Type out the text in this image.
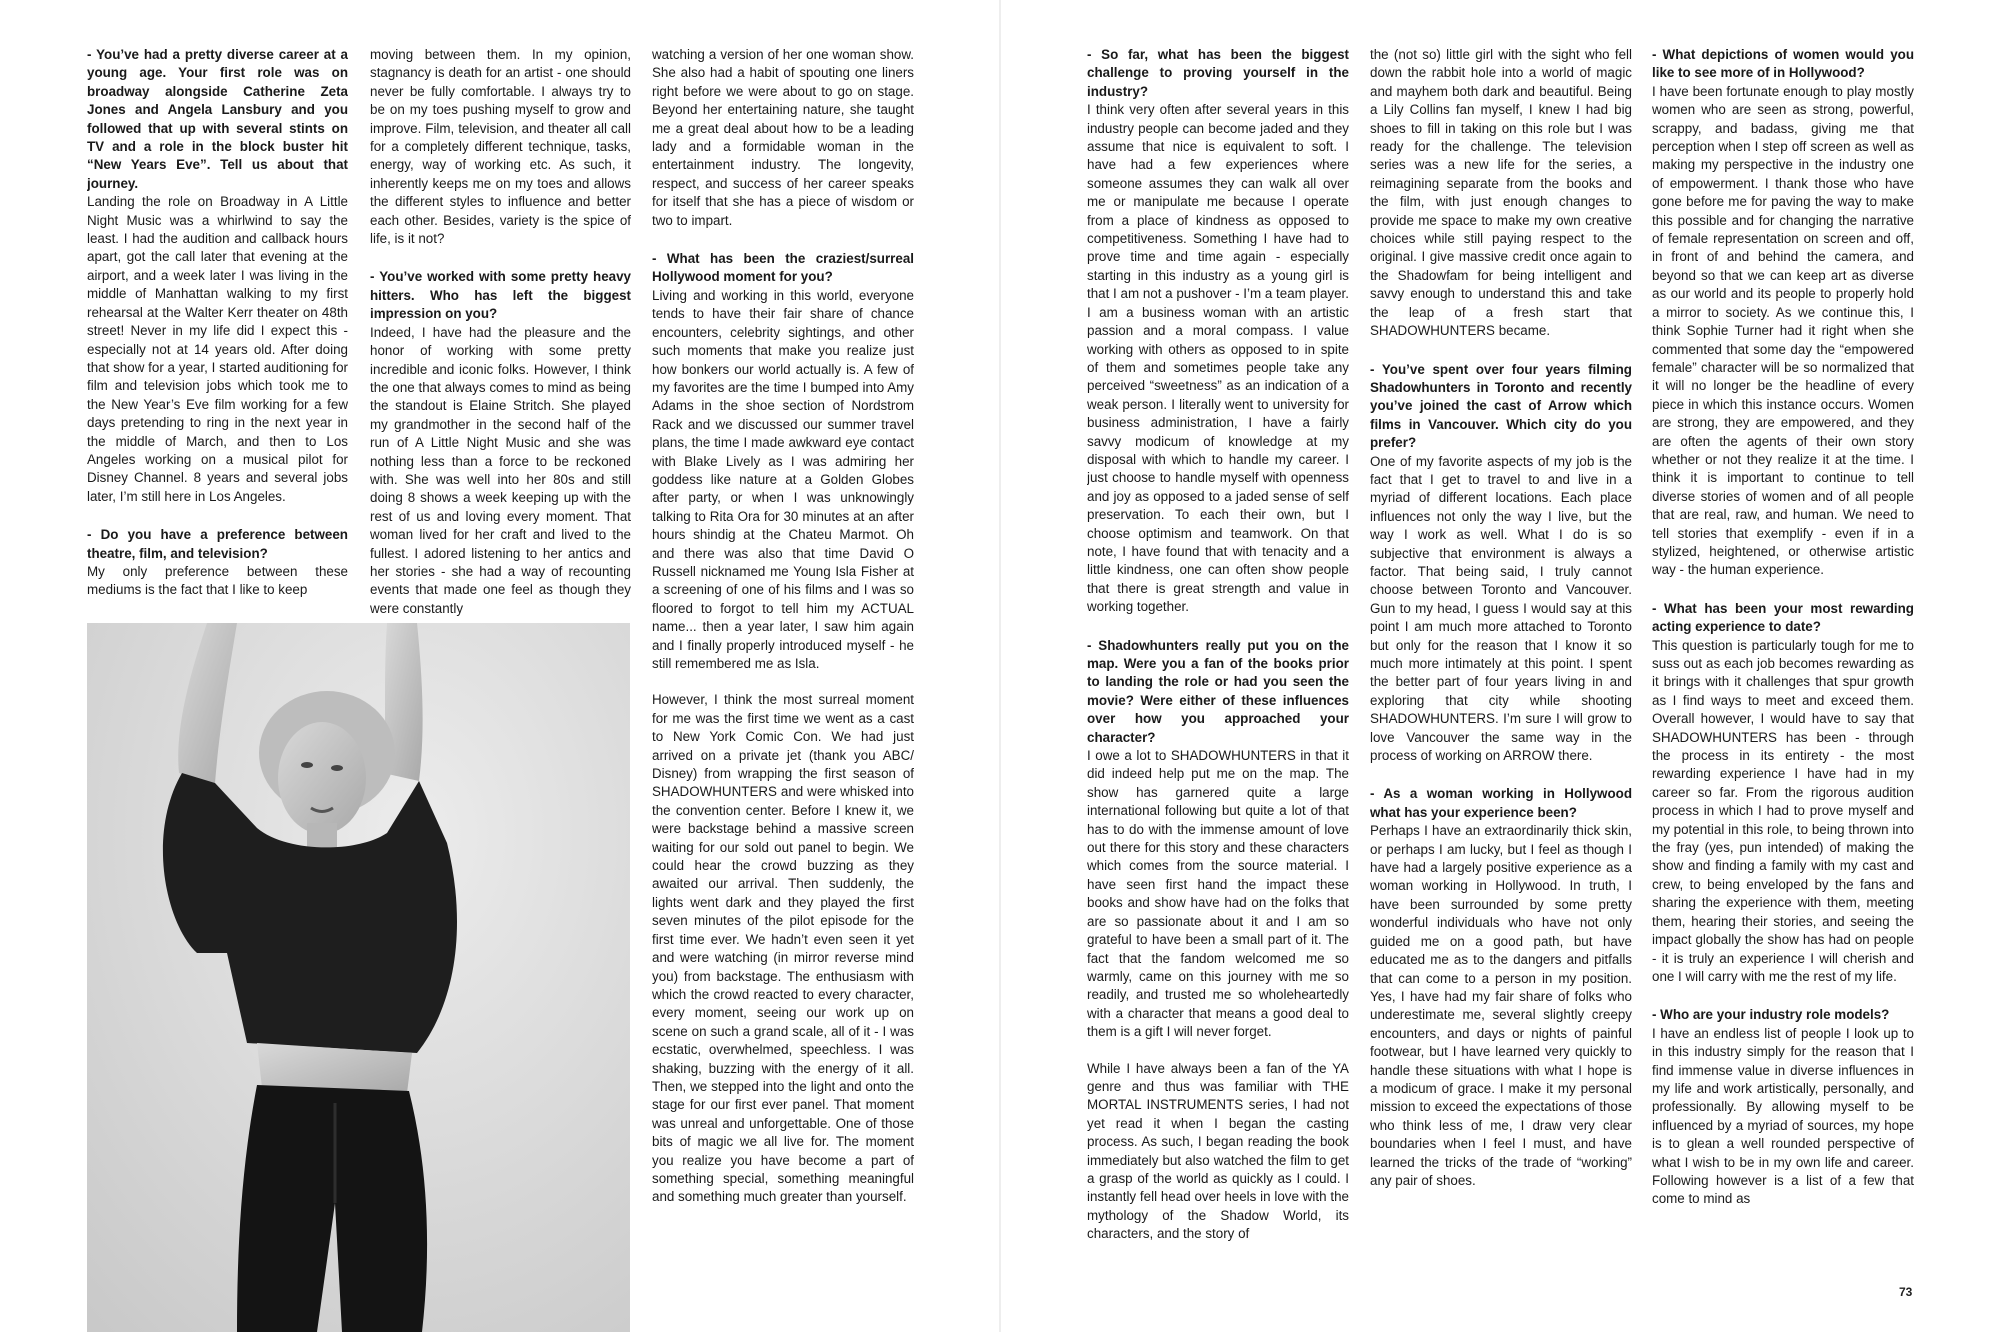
- You’ve had a pretty diverse career at a young age. Your first role was on broadway alongside Catherine Zeta Jones and Angela Lansbury and you followed that up with several stints on TV and a role in the block buster hit “New Years Eve”. Tell us about that journey.

Landing the role on Broadway in A Little Night Music was a whirlwind to say the least. I had the audition and callback hours apart, got the call later that evening at the airport, and a week later I was living in the middle of Manhattan walking to my first rehearsal at the Walter Kerr theater on 48th street! Never in my life did I expect this - especially not at 14 years old. After doing that show for a year, I started auditioning for film and television jobs which took me to the New Year’s Eve film working for a few days pretending to ring in the next year in the middle of March, and then to Los Angeles working on a musical pilot for Disney Channel. 8 years and several jobs later, I’m still here in Los Angeles.

- Do you have a preference between theatre, film, and television?

My only preference between these mediums is the fact that I like to keep

moving between them. In my opinion, stagnancy is death for an artist - one should never be fully comfortable. I always try to be on my toes pushing myself to grow and improve. Film, television, and theater all call for a completely different technique, tasks, energy, way of working etc. As such, it inherently keeps me on my toes and allows the different styles to influence and better each other. Besides, variety is the spice of life, is it not?

- You’ve worked with some pretty heavy hitters. Who has left the biggest impression on you?

Indeed, I have had the pleasure and the honor of working with some pretty incredible and iconic folks. However, I think the one that always comes to mind as being the standout is Elaine Stritch. She played my grandmother in the second half of the run of A Little Night Music and she was nothing less than a force to be reckoned with. She was well into her 80s and still doing 8 shows a week keeping up with the rest of us and loving every moment. That woman lived for her craft and lived to the fullest. I adored listening to her antics and her stories - she had a way of recounting events that made one feel as though they were constantly

watching a version of her one woman show. She also had a habit of spouting one liners right before we were about to go on stage. Beyond her entertaining nature, she taught me a great deal about how to be a leading lady and a formidable woman in the entertainment industry. The longevity, respect, and success of her career speaks for itself that she has a piece of wisdom or two to impart.

- What has been the craziest/surreal Hollywood moment for you?

Living and working in this world, everyone tends to have their fair share of chance encounters, celebrity sightings, and other such moments that make you realize just how bonkers our world actually is. A few of my favorites are the time I bumped into Amy Adams in the shoe section of Nordstrom Rack and we discussed our summer travel plans, the time I made awkward eye contact with Blake Lively as I was admiring her goddess like nature at a Golden Globes after party, or when I was unknowingly talking to Rita Ora for 30 minutes at an after hours shindig at the Chateu Marmot. Oh and there was also that time David O Russell nicknamed me Young Isla Fisher at a screening of one of his films and I was so floored to forgot to tell him my ACTUAL name... then a year later, I saw him again and I finally properly introduced myself - he still remembered me as Isla.

However, I think the most surreal moment for me was the first time we went as a cast to New York Comic Con. We had just arrived on a private jet (thank you ABC/ Disney) from wrapping the first season of SHADOWHUNTERS and were whisked into the convention center. Before I knew it, we were backstage behind a massive screen waiting for our sold out panel to begin. We could hear the crowd buzzing as they awaited our arrival. Then suddenly, the lights went dark and they played the first seven minutes of the pilot episode for the first time ever. We hadn’t even seen it yet and were watching (in mirror reverse mind you) from backstage. The enthusiasm with which the crowd reacted to every character, every moment, seeing our work up on scene on such a grand scale, all of it - I was ecstatic, overwhelmed, speechless. I was shaking, buzzing with the energy of it all. Then, we stepped into the light and onto the stage for our first ever panel. That moment was unreal and unforgettable. One of those bits of magic we all live for. The moment you realize you have become a part of something special, something meaningful and something much greater than yourself.

- So far, what has been the biggest challenge to proving yourself in the industry?

I think very often after several years in this industry people can become jaded and they assume that nice is equivalent to soft. I have had a few experiences where someone assumes they can walk all over me or manipulate me because I operate from a place of kindness as opposed to competitiveness. Something I have had to prove time and time again - especially starting in this industry as a young girl is that I am not a pushover - I’m a team player. I am a business woman with an artistic passion and a moral compass. I value working with others as opposed to in spite of them and sometimes people take any perceived “sweetness” as an indication of a weak person. I literally went to university for business administration, I have a fairly savvy modicum of knowledge at my disposal with which to handle my career. I just choose to handle myself with openness and joy as opposed to a jaded sense of self preservation. To each their own, but I choose optimism and teamwork. On that note, I have found that with tenacity and a little kindness, one can often show people that there is great strength and value in working together.

- Shadowhunters really put you on the map. Were you a fan of the books prior to landing the role or had you seen the movie? Were either of these influences over how you approached your character?

I owe a lot to SHADOWHUNTERS in that it did indeed help put me on the map. The show has garnered quite a large international following but quite a lot of that has to do with the immense amount of love out there for this story and these characters which comes from the source material. I have seen first hand the impact these books and show have had on the folks that are so passionate about it and I am so grateful to have been a small part of it. The fact that the fandom welcomed me so warmly, came on this journey with me so readily, and trusted me so wholeheartedly with a character that means a good deal to them is a gift I will never forget.

While I have always been a fan of the YA genre and thus was familiar with THE MORTAL INSTRUMENTS series, I had not yet read it when I began the casting process. As such, I began reading the book immediately but also watched the film to get a grasp of the world as quickly as I could. I instantly fell head over heels in love with the mythology of the Shadow World, its characters, and the story of

the (not so) little girl with the sight who fell down the rabbit hole into a world of magic and mayhem both dark and beautiful. Being a Lily Collins fan myself, I knew I had big shoes to fill in taking on this role but I was ready for the challenge. The television series was a new life for the series, a reimagining separate from the books and the film, with just enough changes to provide me space to make my own creative choices while still paying respect to the original. I give massive credit once again to the Shadowfam for being intelligent and savvy enough to understand this and take the leap of a fresh start that SHADOWHUNTERS became.

- You’ve spent over four years filming Shadowhunters in Toronto and recently you’ve joined the cast of Arrow which films in Vancouver. Which city do you prefer?

One of my favorite aspects of my job is the fact that I get to travel to and live in a myriad of different locations. Each place influences not only the way I live, but the way I work as well. What I do is so subjective that environment is always a factor. That being said, I truly cannot choose between Toronto and Vancouver. Gun to my head, I guess I would say at this point I am much more attached to Toronto but only for the reason that I know it so much more intimately at this point. I spent the better part of four years living in and exploring that city while shooting SHADOWHUNTERS. I’m sure I will grow to love Vancouver the same way in the process of working on ARROW there.

- As a woman working in Hollywood what has your experience been?

Perhaps I have an extraordinarily thick skin, or perhaps I am lucky, but I feel as though I have had a largely positive experience as a woman working in Hollywood. In truth, I have been surrounded by some pretty wonderful individuals who have not only guided me on a good path, but have educated me as to the dangers and pitfalls that can come to a person in my position. Yes, I have had my fair share of folks who underestimate me, several slightly creepy encounters, and days or nights of painful footwear, but I have learned very quickly to handle these situations with what I hope is a modicum of grace. I make it my personal mission to exceed the expectations of those who think less of me, I draw very clear boundaries when I feel I must, and have learned the tricks of the trade of “working” any pair of shoes.

- What depictions of women would you like to see more of in Hollywood?

I have been fortunate enough to play mostly women who are seen as strong, powerful, scrappy, and badass, giving me that perception when I step off screen as well as making my perspective in the industry one of empowerment. I thank those who have gone before me for paving the way to make this possible and for changing the narrative of female representation on screen and off, in front of and behind the camera, and beyond so that we can keep art as diverse as our world and its people to properly hold a mirror to society. As we continue this, I think Sophie Turner had it right when she commented that some day the “empowered female” character will be so normalized that it will no longer be the headline of every piece in which this instance occurs. Women are strong, they are empowered, and they are often the agents of their own story whether or not they realize it at the time. I think it is important to continue to tell diverse stories of women and of all people that are real, raw, and human. We need to tell stories that exemplify - even if in a stylized, heightened, or otherwise artistic way - the human experience.

- What has been your most rewarding acting experience to date?

This question is particularly tough for me to suss out as each job becomes rewarding as it brings with it challenges that spur growth as I find ways to meet and exceed them. Overall however, I would have to say that SHADOWHUNTERS has been - through the process in its entirety - the most rewarding experience I have had in my career so far. From the rigorous audition process in which I had to prove myself and my potential in this role, to being thrown into the fray (yes, pun intended) of making the show and finding a family with my cast and crew, to being enveloped by the fans and sharing the experience with them, meeting them, hearing their stories, and seeing the impact globally the show has had on people - it is truly an experience I will cherish and one I will carry with me the rest of my life.

- Who are your industry role models?

I have an endless list of people I look up to in this industry simply for the reason that I find immense value in diverse influences in my life and work artistically, personally, and professionally. By allowing myself to be influenced by a myriad of sources, my hope is to glean a well rounded perspective of what I wish to be in my own life and career. Following however is a list of a few that come to mind as

73
